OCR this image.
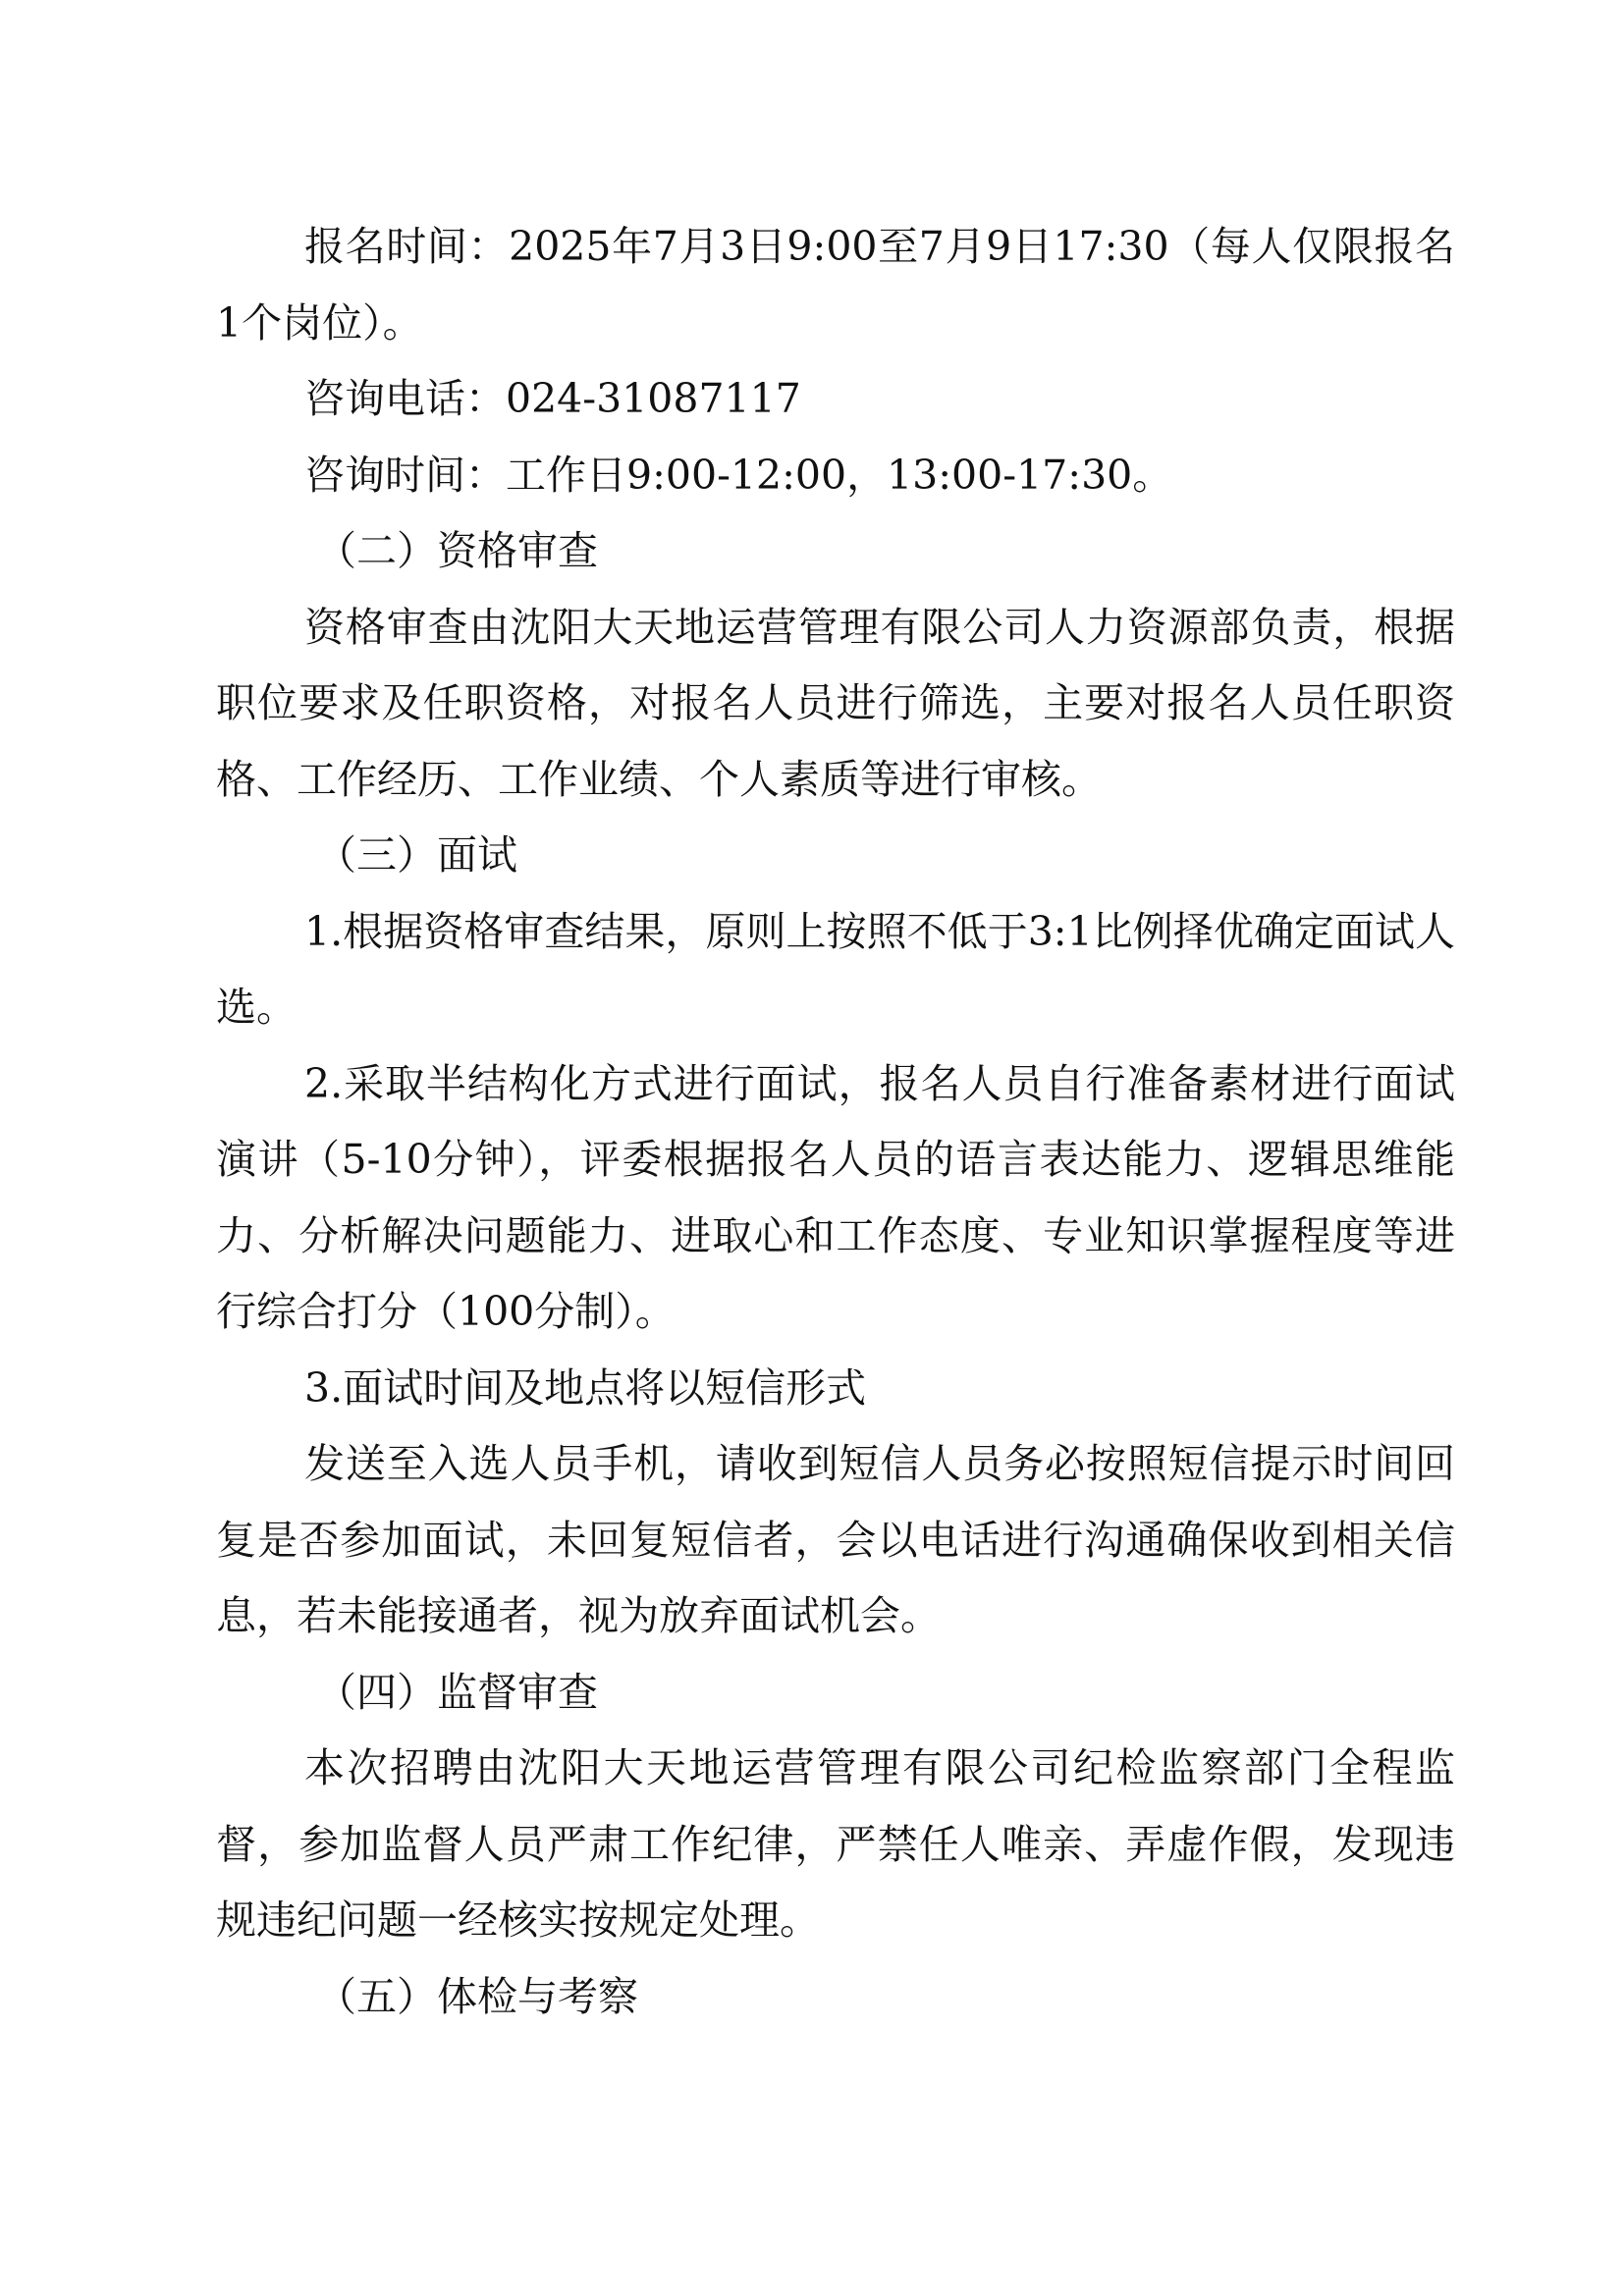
报名时间：2025年7月3日9:00至7月9日17:30（每人仅限报名1个岗位）。

咨询电话：024-31087117

咨询时间：工作日9:00-12:00，13:00-17:30。

（二）资格审查

资格审查由沈阳大天地运营管理有限公司人力资源部负责，根据职位要求及任职资格，对报名人员进行筛选，主要对报名人员任职资格、工作经历、工作业绩、个人素质等进行审核。

（三）面试

1.根据资格审查结果，原则上按照不低于3:1比例择优确定面试人选。

2.采取半结构化方式进行面试，报名人员自行准备素材进行面试演讲（5-10分钟），评委根据报名人员的语言表达能力、逻辑思维能力、分析解决问题能力、进取心和工作态度、专业知识掌握程度等进行综合打分（100分制）。

3.面试时间及地点将以短信形式

发送至入选人员手机，请收到短信人员务必按照短信提示时间回复是否参加面试，未回复短信者，会以电话进行沟通确保收到相关信息，若未能接通者，视为放弃面试机会。

（四）监督审查

本次招聘由沈阳大天地运营管理有限公司纪检监察部门全程监督，参加监督人员严肃工作纪律，严禁任人唯亲、弄虚作假，发现违规违纪问题一经核实按规定处理。

（五）体检与考察
